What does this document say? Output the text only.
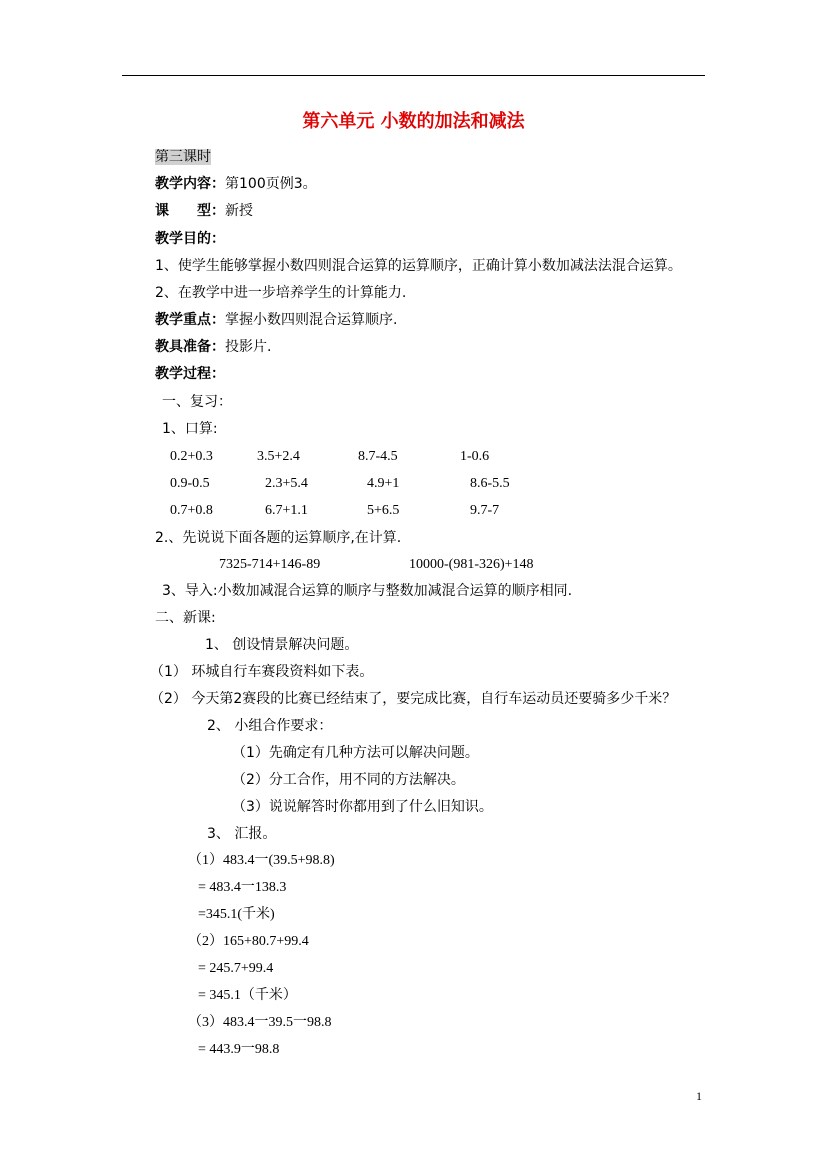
第六单元 小数的加法和减法
第三课时
教学内容：第100页例3。
课　　型：新授
教学目的：
1、使学生能够掌握小数四则混合运算的运算顺序，正确计算小数加减法法混合运算。
2、在教学中进一步培养学生的计算能力.
教学重点：掌握小数四则混合运算顺序.
教具准备：投影片.
教学过程：
一、复习：
1、口算:
0.2+0.3	3.5+2.4	8.7-4.5	1-0.6
0.9-0.5	2.3+5.4	4.9+1	8.6-5.5
0.7+0.8	6.7+1.1	5+6.5	9.7-7
2.、先说说下面各题的运算顺序,在计算.
7325-714+146-89	10000-(981-326)+148
3、导入:小数加减混合运算的顺序与整数加减混合运算的顺序相同.
二、新课:
1、 创设情景解决问题。
（1） 环城自行车赛段资料如下表。
（2） 今天第2赛段的比赛已经结束了，要完成比赛，自行车运动员还要骑多少千米？
2、 小组合作要求：
（1）先确定有几种方法可以解决问题。
（2）分工合作，用不同的方法解决。
（3）说说解答时你都用到了什么旧知识。
3、 汇报。
（1）483.4一(39.5+98.8)
= 483.4一138.3
=345.1(千米)
（2）165+80.7+99.4
= 245.7+99.4
= 345.1（千米）
（3）483.4一39.5一98.8
= 443.9一98.8
1
